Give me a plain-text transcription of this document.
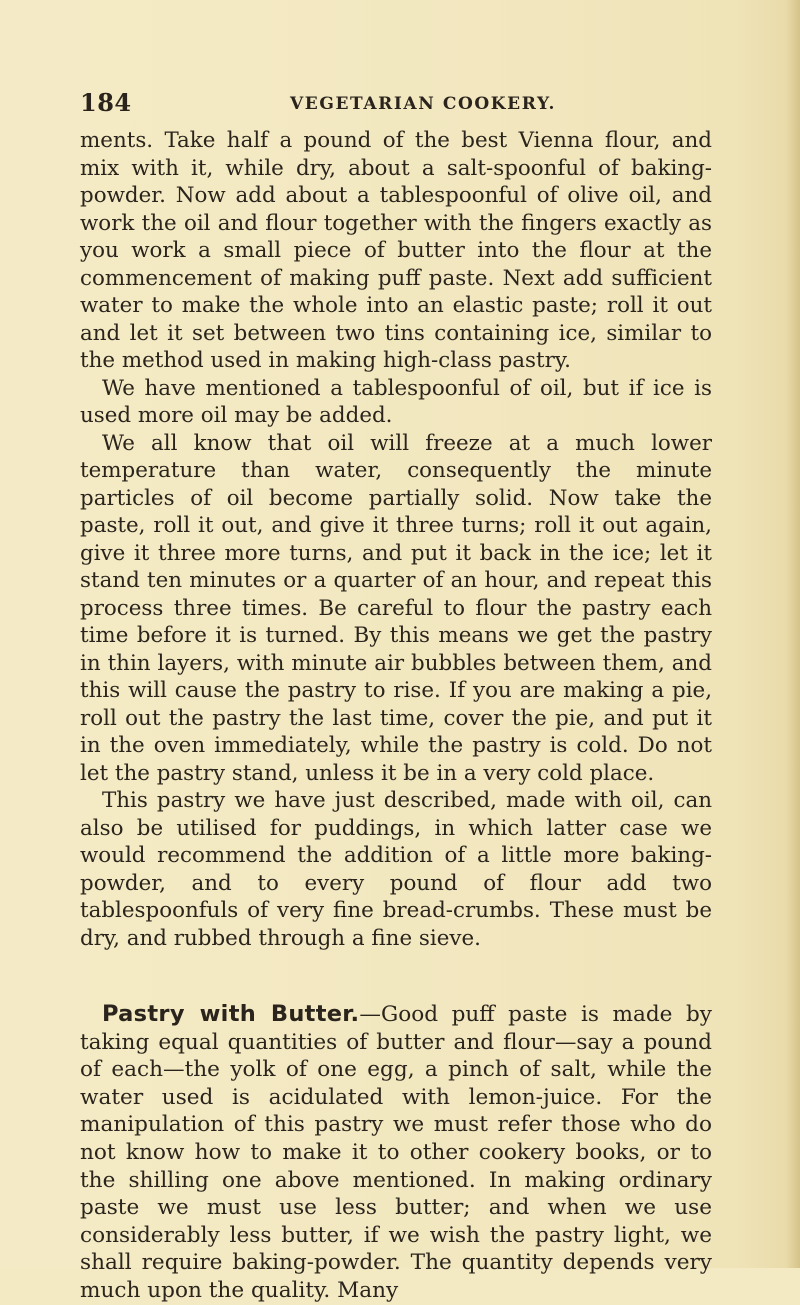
184	VEGETARIAN COOKERY.

ments. Take half a pound of the best Vienna flour, and mix with it, while dry, about a salt-spoonful of baking-powder. Now add about a tablespoonful of olive oil, and work the oil and flour together with the fingers exactly as you work a small piece of butter into the flour at the commencement of making puff paste. Next add sufficient water to make the whole into an elastic paste; roll it out and let it set between two tins containing ice, similar to the method used in making high-class pastry.

We have mentioned a tablespoonful of oil, but if ice is used more oil may be added.

We all know that oil will freeze at a much lower temperature than water, consequently the minute particles of oil become partially solid. Now take the paste, roll it out, and give it three turns; roll it out again, give it three more turns, and put it back in the ice; let it stand ten minutes or a quarter of an hour, and repeat this process three times. Be careful to flour the pastry each time before it is turned. By this means we get the pastry in thin layers, with minute air bubbles between them, and this will cause the pastry to rise. If you are making a pie, roll out the pastry the last time, cover the pie, and put it in the oven immediately, while the pastry is cold. Do not let the pastry stand, unless it be in a very cold place.

This pastry we have just described, made with oil, can also be utilised for puddings, in which latter case we would recommend the addition of a little more baking-powder, and to every pound of flour add two tablespoonfuls of very fine bread-crumbs. These must be dry, and rubbed through a fine sieve.

Pastry with Butter.—Good puff paste is made by taking equal quantities of butter and flour—say a pound of each—the yolk of one egg, a pinch of salt, while the water used is acidulated with lemon-juice. For the manipulation of this pastry we must refer those who do not know how to make it to other cookery books, or to the shilling one above mentioned. In making ordinary paste we must use less butter; and when we use considerably less butter, if we wish the pastry light, we shall require baking-powder. The quantity depends very much upon the quality. Many
